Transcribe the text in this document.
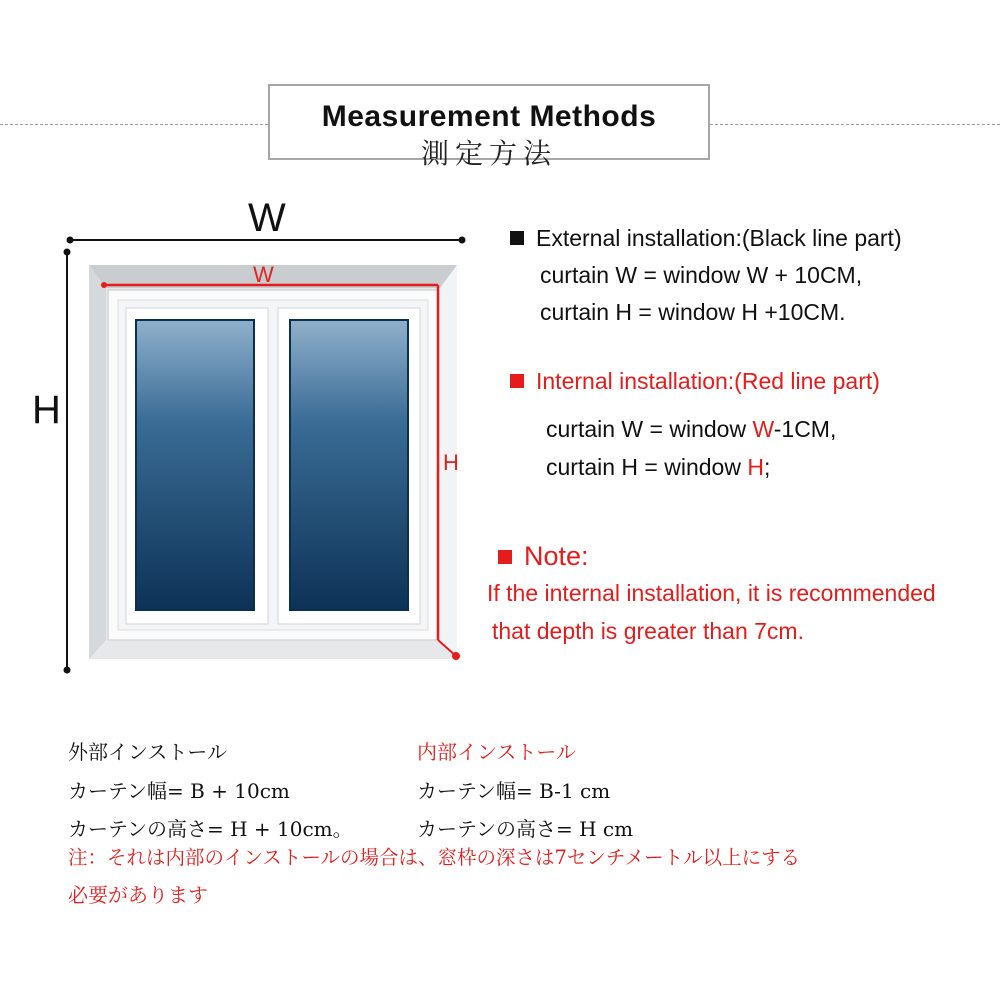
Measurement Methods
測定方法
W
H
W
H
External installation:(Black line part)
curtain W = window W + 10CM,
curtain H = window H +10CM.
Internal installation:(Red line part)
curtain W = window W-1CM,
curtain H = window H;
Note:
If the internal installation, it is recommended
that depth is greater than 7cm.
外部インストール
カーテン幅= B + 10cm
カーテンの高さ= H + 10cm。
内部インストール
カーテン幅= B-1 cm
カーテンの高さ= H cm
注：それは内部のインストールの場合は、窓枠の深さは7センチメートル以上にする
必要があります
